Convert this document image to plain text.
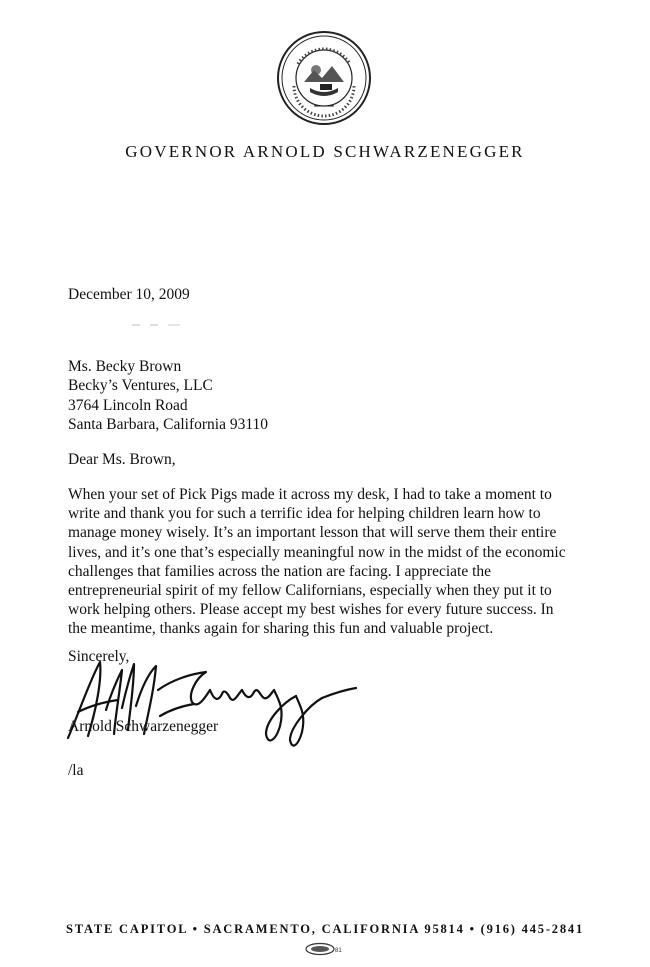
GOVERNOR ARNOLD SCHWARZENEGGER
December 10, 2009
Ms. Becky Brown
Becky’s Ventures, LLC
3764 Lincoln Road
Santa Barbara, California 93110
Dear Ms. Brown,
When your set of Pick Pigs made it across my desk, I had to take a moment to
write and thank you for such a terrific idea for helping children learn how to
manage money wisely. It’s an important lesson that will serve them their entire
lives, and it’s one that’s especially meaningful now in the midst of the economic
challenges that families across the nation are facing. I appreciate the
entrepreneurial spirit of my fellow Californians, especially when they put it to
work helping others. Please accept my best wishes for every future success. In
the meantime, thanks again for sharing this fun and valuable project.
Sincerely,
Arnold Schwarzenegger
/la
STATE CAPITOL • SACRAMENTO, CALIFORNIA 95814 • (916) 445-2841
81
